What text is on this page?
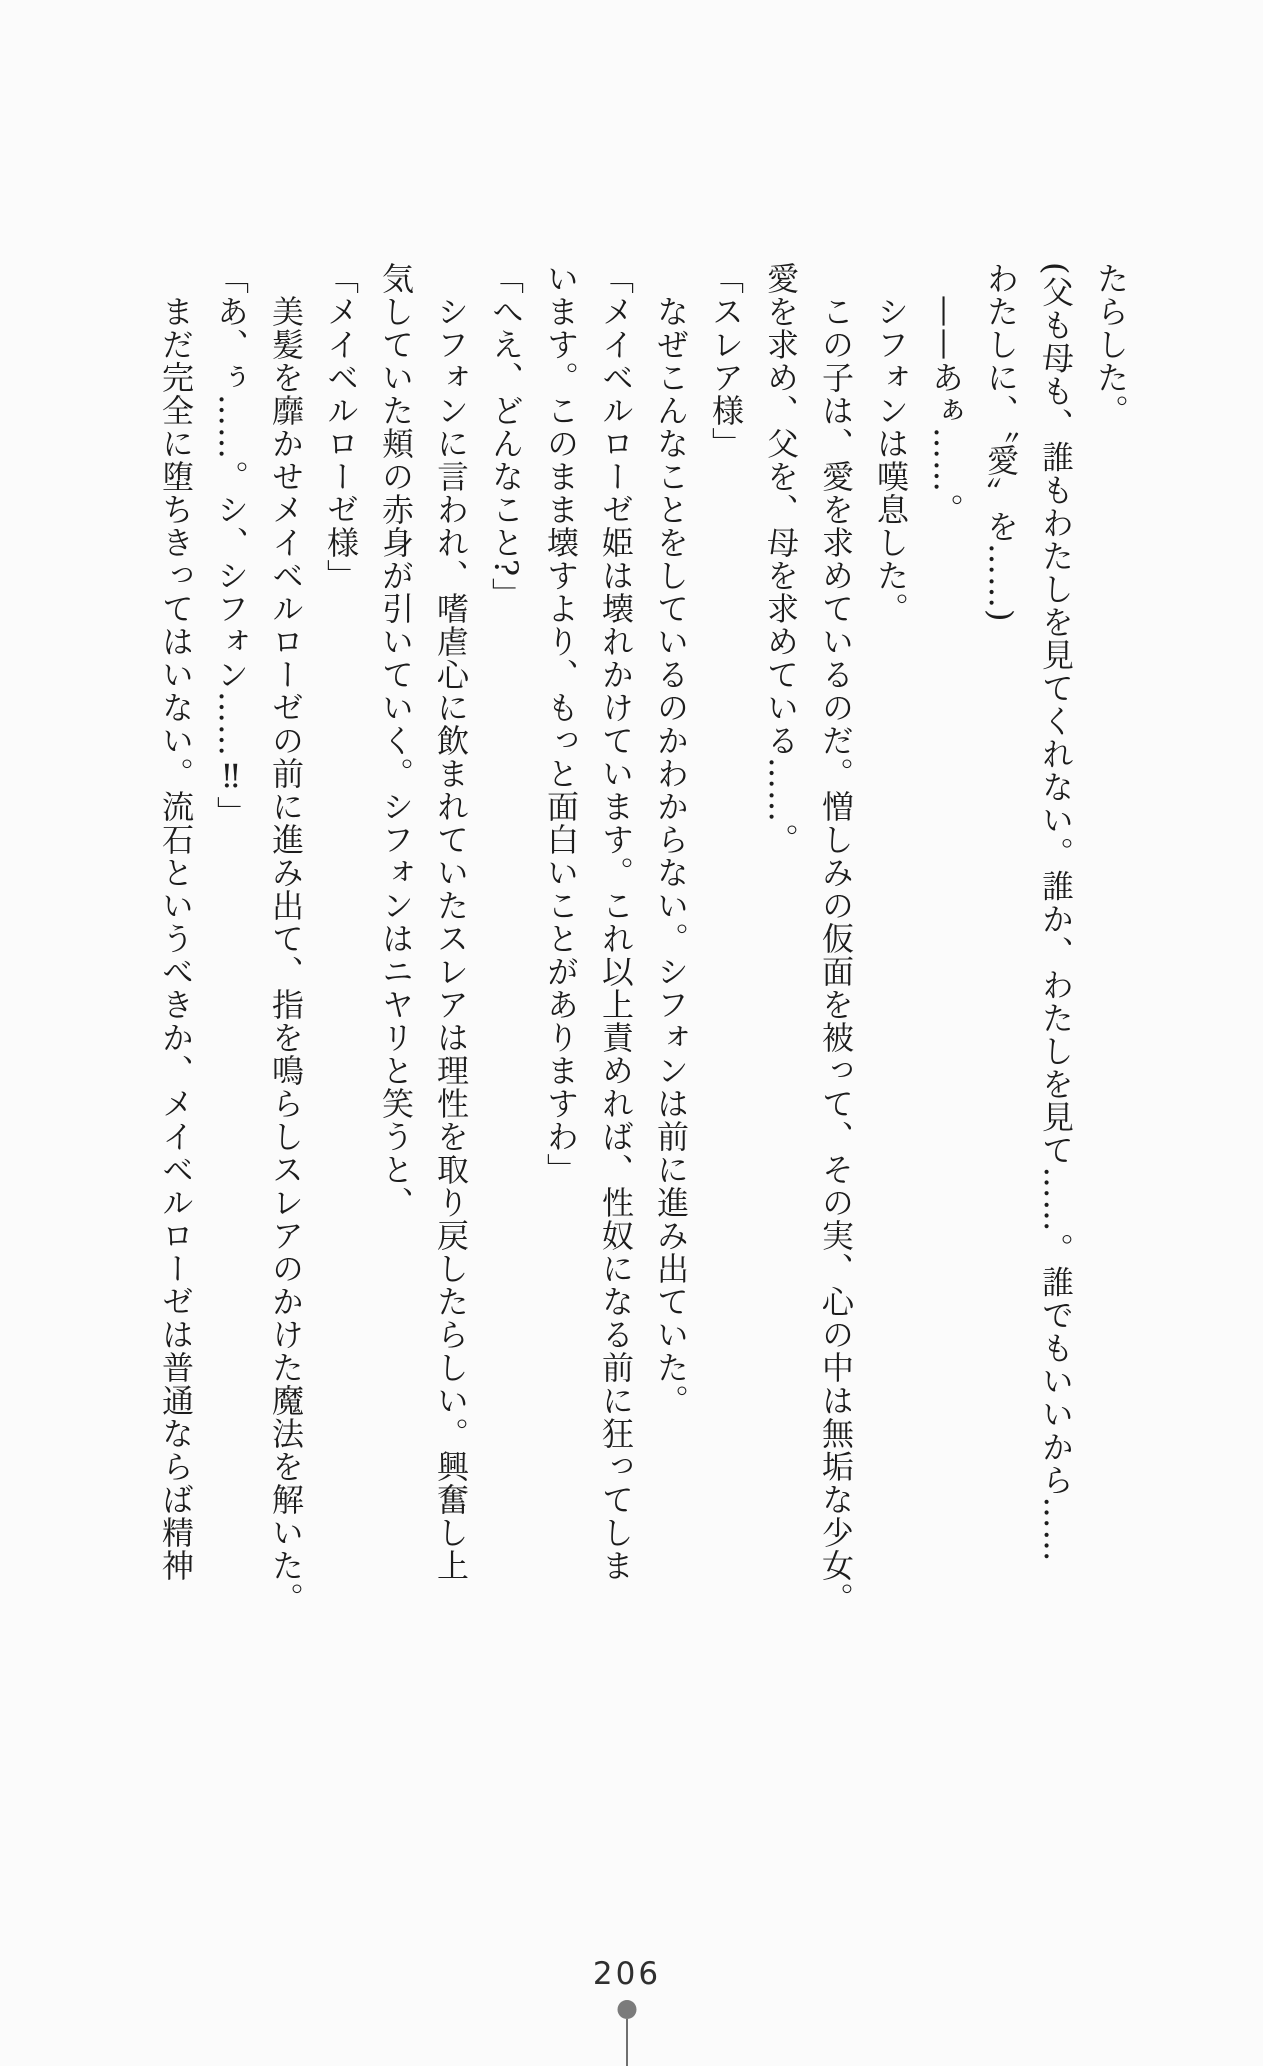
たらした。
(父も母も、誰もわたしを見てくれない。誰か、わたしを見て……。誰でもいいから……
わたしに、〝愛〟を……)
　——あぁ……。
　シフォンは嘆息した。
　この子は、愛を求めているのだ。憎しみの仮面を被って、その実、心の中は無垢な少女。
愛を求め、父を、母を求めている……。
「スレア様」
　なぜこんなことをしているのかわからない。シフォンは前に進み出ていた。
「メイベルローゼ姫は壊れかけています。これ以上責めれば、性奴になる前に狂ってしま
います。このまま壊すより、もっと面白いことがありますわ」
「へえ、どんなこと?」
　シフォンに言われ、嗜虐心に飲まれていたスレアは理性を取り戻したらしい。興奮し上
気していた頬の赤身が引いていく。シフォンはニヤリと笑うと、
「メイベルローゼ様」
　美髪を靡かせメイベルローゼの前に進み出て、指を鳴らしスレアのかけた魔法を解いた。
「あ、ぅ……。シ、シフォン……‼」
　まだ完全に堕ちきってはいない。流石というべきか、メイベルローゼは普通ならば精神
206
